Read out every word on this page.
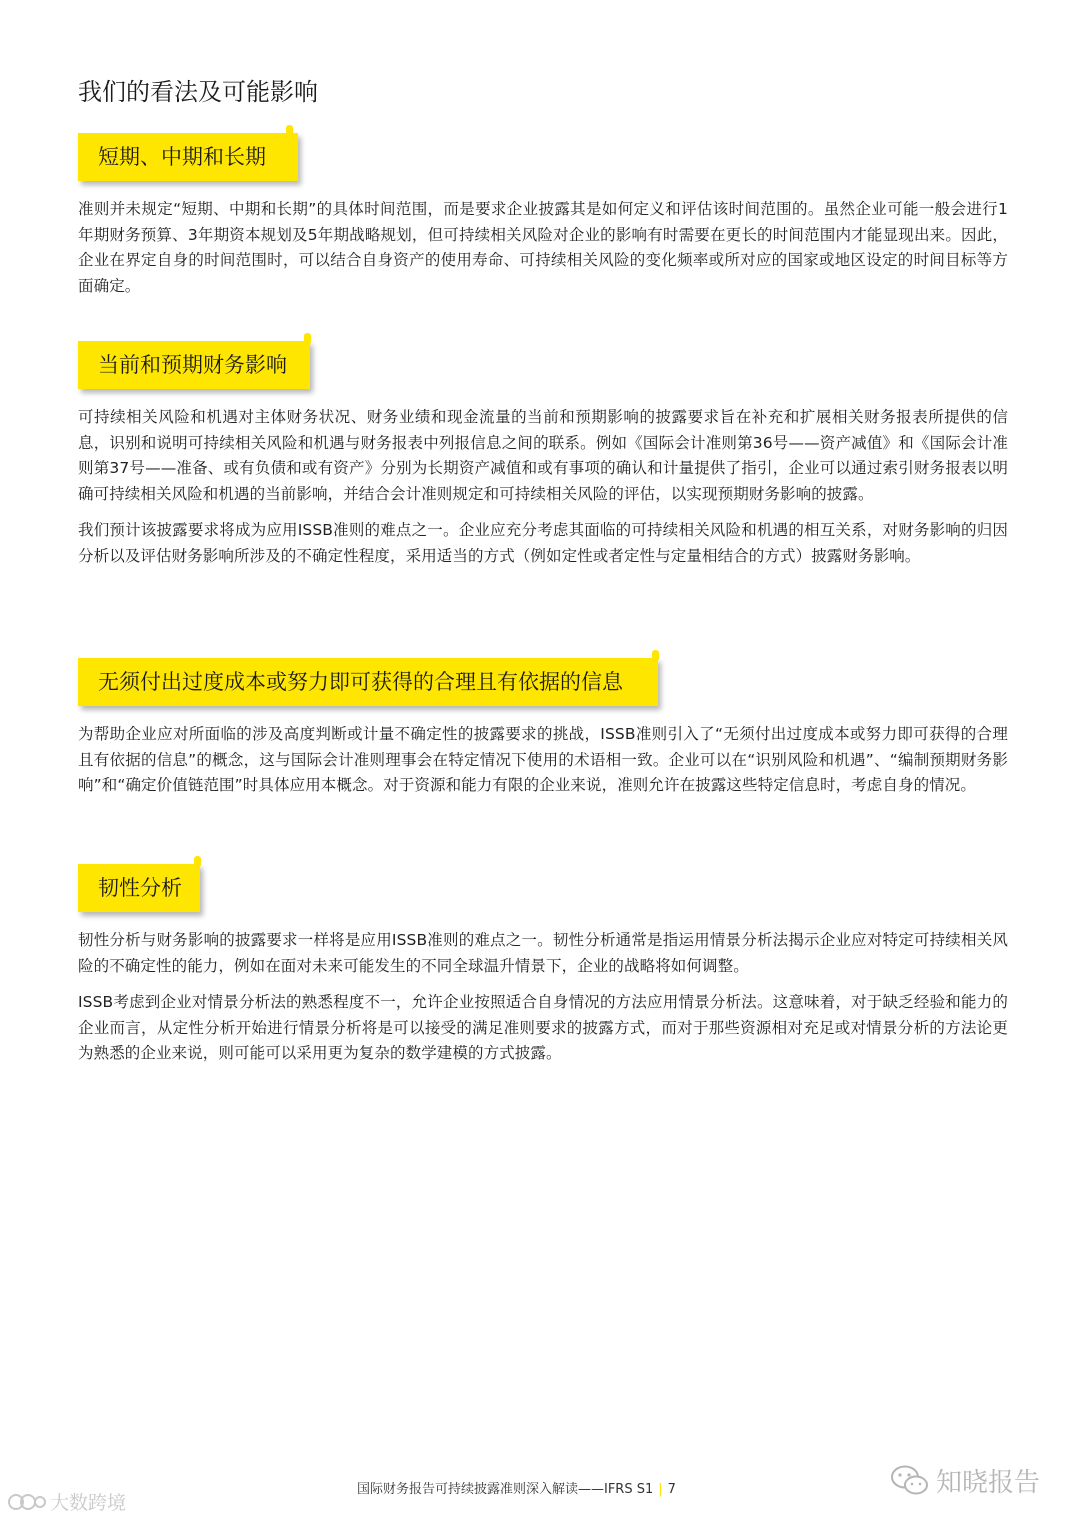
我们的看法及可能影响
短期、中期和长期

准则并未规定“短期、中期和长期”的具体时间范围，而是要求企业披露其是如何定义和评估该时间范围的。虽然企业可能一般会进行1年期财务预算、3年期资本规划及5年期战略规划，但可持续相关风险对企业的影响有时需要在更长的时间范围内才能显现出来。因此，企业在界定自身的时间范围时，可以结合自身资产的使用寿命、可持续相关风险的变化频率或所对应的国家或地区设定的时间目标等方面确定。

当前和预期财务影响

可持续相关风险和机遇对主体财务状况、财务业绩和现金流量的当前和预期影响的披露要求旨在补充和扩展相关财务报表所提供的信息，识别和说明可持续相关风险和机遇与财务报表中列报信息之间的联系。例如《国际会计准则第36号——资产减值》和《国际会计准则第37号——准备、或有负债和或有资产》分别为长期资产减值和或有事项的确认和计量提供了指引，企业可以通过索引财务报表以明确可持续相关风险和机遇的当前影响，并结合会计准则规定和可持续相关风险的评估，以实现预期财务影响的披露。

我们预计该披露要求将成为应用ISSB准则的难点之一。企业应充分考虑其面临的可持续相关风险和机遇的相互关系，对财务影响的归因分析以及评估财务影响所涉及的不确定性程度，采用适当的方式（例如定性或者定性与定量相结合的方式）披露财务影响。

无须付出过度成本或努力即可获得的合理且有依据的信息

为帮助企业应对所面临的涉及高度判断或计量不确定性的披露要求的挑战，ISSB准则引入了“无须付出过度成本或努力即可获得的合理且有依据的信息”的概念，这与国际会计准则理事会在特定情况下使用的术语相一致。企业可以在“识别风险和机遇”、“编制预期财务影响”和“确定价值链范围”时具体应用本概念。对于资源和能力有限的企业来说，准则允许在披露这些特定信息时，考虑自身的情况。

韧性分析

韧性分析与财务影响的披露要求一样将是应用ISSB准则的难点之一。韧性分析通常是指运用情景分析法揭示企业应对特定可持续相关风险的不确定性的能力，例如在面对未来可能发生的不同全球温升情景下，企业的战略将如何调整。

ISSB考虑到企业对情景分析法的熟悉程度不一，允许企业按照适合自身情况的方法应用情景分析法。这意味着，对于缺乏经验和能力的企业而言，从定性分析开始进行情景分析将是可以接受的满足准则要求的披露方式，而对于那些资源相对充足或对情景分析的方法论更为熟悉的企业来说，则可能可以采用更为复杂的数学建模的方式披露。

国际财务报告可持续披露准则深入解读——IFRS S1 | 7
大数跨境
知晓报告
